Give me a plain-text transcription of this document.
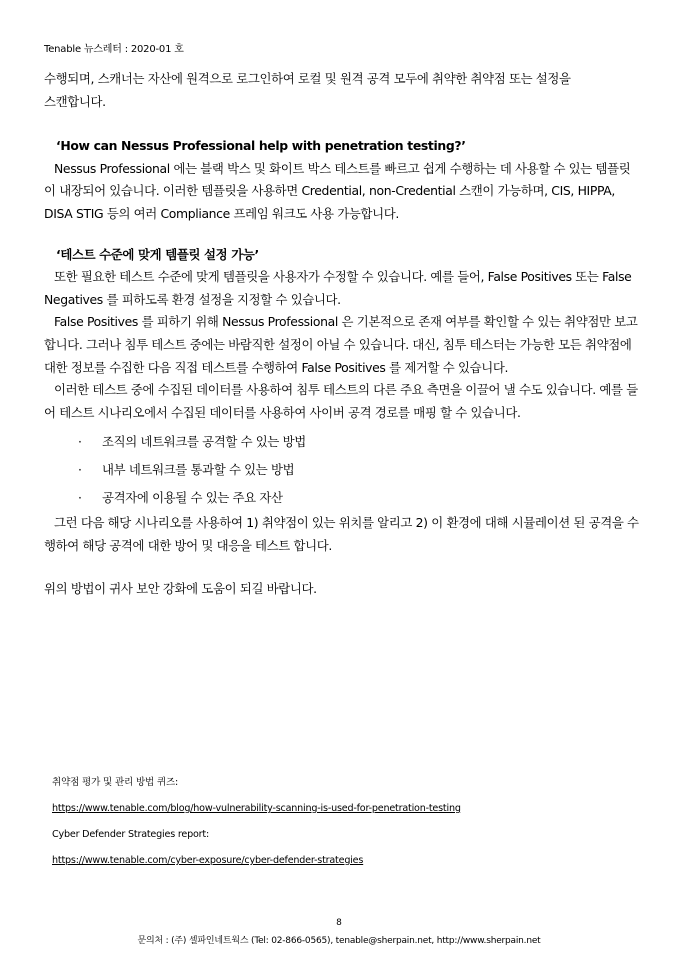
Tenable 뉴스레터 : 2020-01 호

수행되며, 스캐너는 자산에 원격으로 로그인하여 로컬 및 원격 공격 모두에 취약한 취약점 또는 설정을

스캔합니다.

‘How can Nessus Professional help with penetration testing?’

Nessus Professional 에는 블랙 박스 및 화이트 박스 테스트를 빠르고 쉽게 수행하는 데 사용할 수 있는 템플릿이 내장되어 있습니다. 이러한 템플릿을 사용하면 Credential, non-Credential 스캔이 가능하며, CIS, HIPPA, DISA STIG 등의 여러 Compliance 프레임 워크도 사용 가능합니다.

‘테스트 수준에 맞게 템플릿 설정 가능’

또한 필요한 테스트 수준에 맞게 템플릿을 사용자가 수정할 수 있습니다. 예를 들어, False Positives 또는 False Negatives 를 피하도록 환경 설정을 지정할 수 있습니다.

False Positives 를 피하기 위해 Nessus Professional 은 기본적으로 존재 여부를 확인할 수 있는 취약점만 보고합니다. 그러나 침투 테스트 중에는 바람직한 설정이 아닐 수 있습니다. 대신, 침투 테스터는 가능한 모든 취약점에 대한 정보를 수집한 다음 직접 테스트를 수행하여 False Positives 를 제거할 수 있습니다.

이러한 테스트 중에 수집된 데이터를 사용하여 침투 테스트의 다른 주요 측면을 이끌어 낼 수도 있습니다. 예를 들어 테스트 시나리오에서 수집된 데이터를 사용하여 사이버 공격 경로를 매핑 할 수 있습니다.

· 조직의 네트워크를 공격할 수 있는 방법
· 내부 네트워크를 통과할 수 있는 방법
· 공격자에 이용될 수 있는 주요 자산

그런 다음 해당 시나리오를 사용하여 1) 취약점이 있는 위치를 알리고 2) 이 환경에 대해 시뮬레이션 된 공격을 수행하여 해당 공격에 대한 방어 및 대응을 테스트 합니다.

위의 방법이 귀사 보안 강화에 도움이 되길 바랍니다.

취약점 평가 및 관리 방법 퀴즈:
https://www.tenable.com/blog/how-vulnerability-scanning-is-used-for-penetration-testing
Cyber Defender Strategies report:
https://www.tenable.com/cyber-exposure/cyber-defender-strategies
8
문의처 : (주) 셀파인네트웍스 (Tel: 02-866-0565), tenable@sherpain.net, http://www.sherpain.net
